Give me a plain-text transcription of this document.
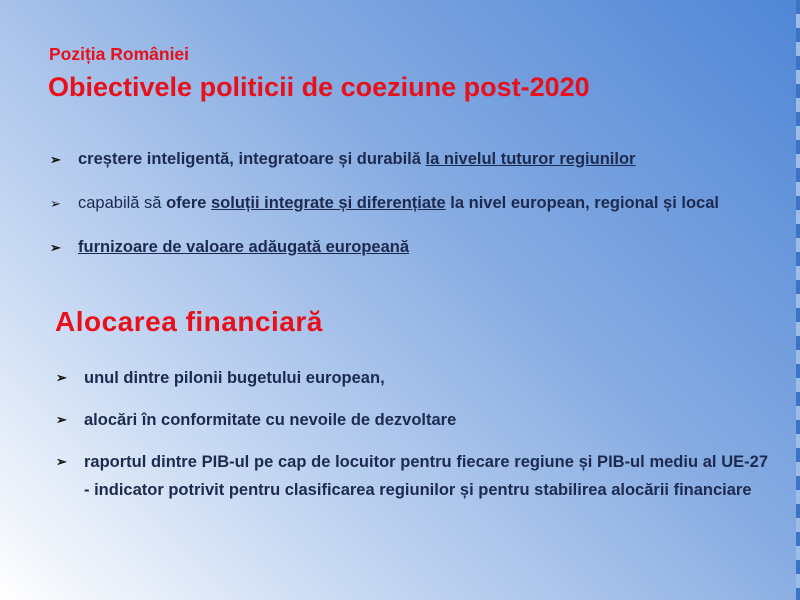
Poziția României

Obiectivele politicii de coeziune post-2020
➢ creștere inteligentă, integratoare și durabilă la nivelul tuturor regiunilor
➢ capabilă să ofere soluții integrate și diferențiate la nivel european, regional și local
➢ furnizoare de valoare adăugată europeană
Alocarea financiară
➢ unul dintre pilonii bugetului european,
➢ alocări în conformitate cu nevoile de dezvoltare
➢ raportul dintre PIB-ul pe cap de locuitor pentru fiecare regiune și PIB-ul mediu al UE-27 - indicator potrivit pentru clasificarea regiunilor și pentru stabilirea alocării financiare
